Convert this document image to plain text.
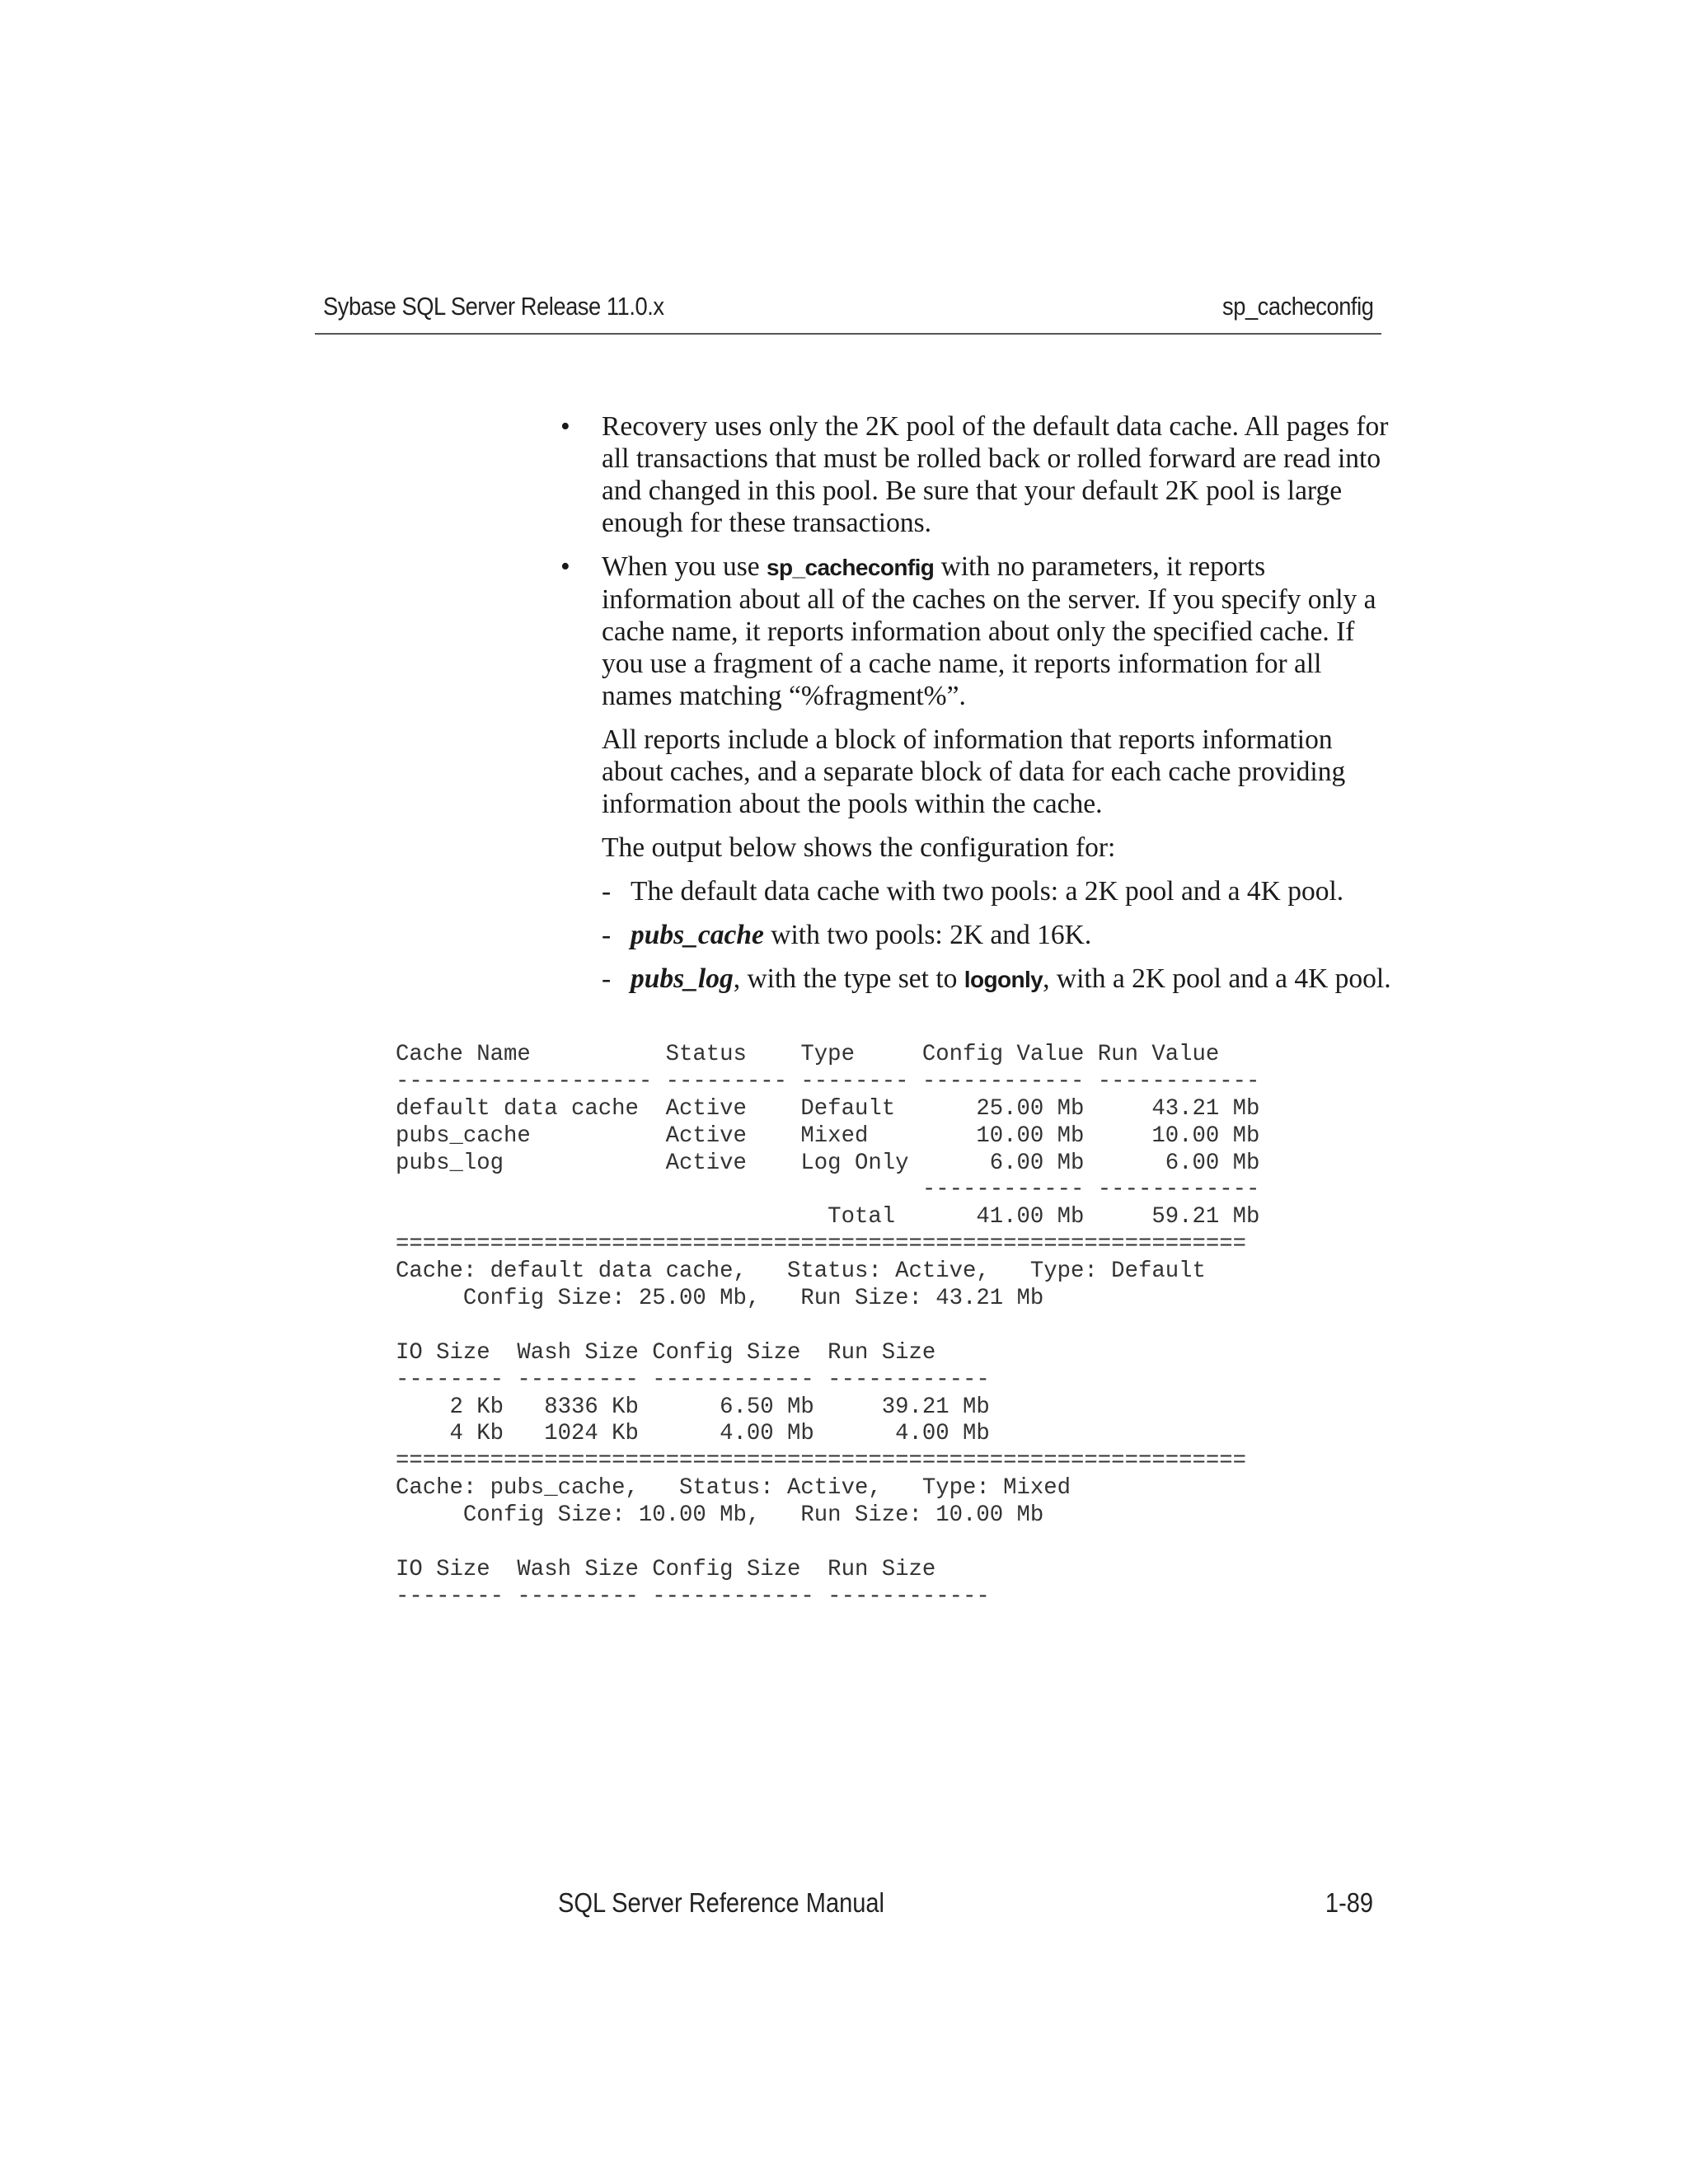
Sybase SQL Server Release 11.0.x	sp_cacheconfig
• Recovery uses only the 2K pool of the default data cache. All pages for all transactions that must be rolled back or rolled forward are read into and changed in this pool. Be sure that your default 2K pool is large enough for these transactions.
• When you use sp_cacheconfig with no parameters, it reports information about all of the caches on the server. If you specify only a cache name, it reports information about only the specified cache. If you use a fragment of a cache name, it reports information for all names matching “%fragment%”.
All reports include a block of information that reports information about caches, and a separate block of data for each cache providing information about the pools within the cache.
The output below shows the configuration for:
- The default data cache with two pools: a 2K pool and a 4K pool.
- pubs_cache with two pools: 2K and 16K.
- pubs_log, with the type set to logonly, with a 2K pool and a 4K pool.
Cache Name          Status    Type     Config Value Run Value
------------------- --------- -------- ------------ ------------
default data cache  Active    Default      25.00 Mb     43.21 Mb
pubs_cache          Active    Mixed        10.00 Mb     10.00 Mb
pubs_log            Active    Log Only      6.00 Mb      6.00 Mb
------------ ------------
Total      41.00 Mb     59.21 Mb
===============================================================
Cache: default data cache,   Status: Active,   Type: Default
Config Size: 25.00 Mb,   Run Size: 43.21 Mb
IO Size  Wash Size Config Size  Run Size
-------- --------- ------------ ------------
2 Kb   8336 Kb      6.50 Mb     39.21 Mb
4 Kb   1024 Kb      4.00 Mb      4.00 Mb
===============================================================
Cache: pubs_cache,   Status: Active,   Type: Mixed
Config Size: 10.00 Mb,   Run Size: 10.00 Mb
IO Size  Wash Size Config Size  Run Size
-------- --------- ------------ ------------
SQL Server Reference Manual	1-89
